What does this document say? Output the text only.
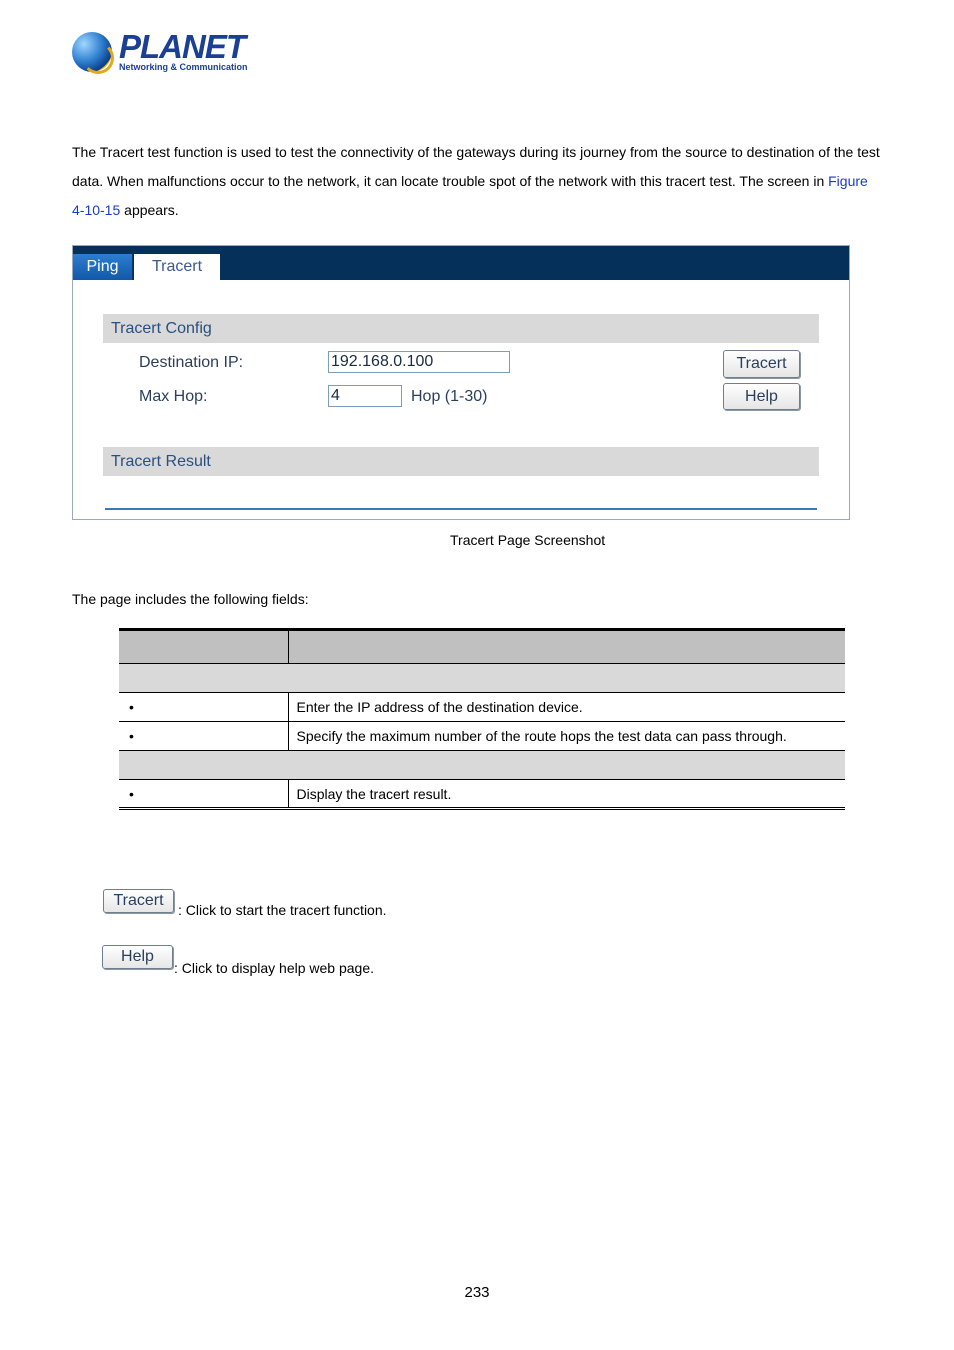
PLANET
Networking & Communication
The Tracert test function is used to test the connectivity of the gateways during its journey from the source to destination of the test data. When malfunctions occur to the network, it can locate trouble spot of the network with this tracert test. The screen in Figure 4-10-15 appears.
Ping	Tracert
Tracert Config
Destination IP:
192.168.0.100	Tracert
Max Hop:
4	Hop (1-30)	Help
Tracert Result
Tracert Page Screenshot
The page includes the following fields:

•	Enter the IP address of the destination device.
•	Specify the maximum number of the route hops the test data can pass through.

•	Display the tracert result.
Tracert
: Click to start the tracert function.
Help
: Click to display help web page.
233
